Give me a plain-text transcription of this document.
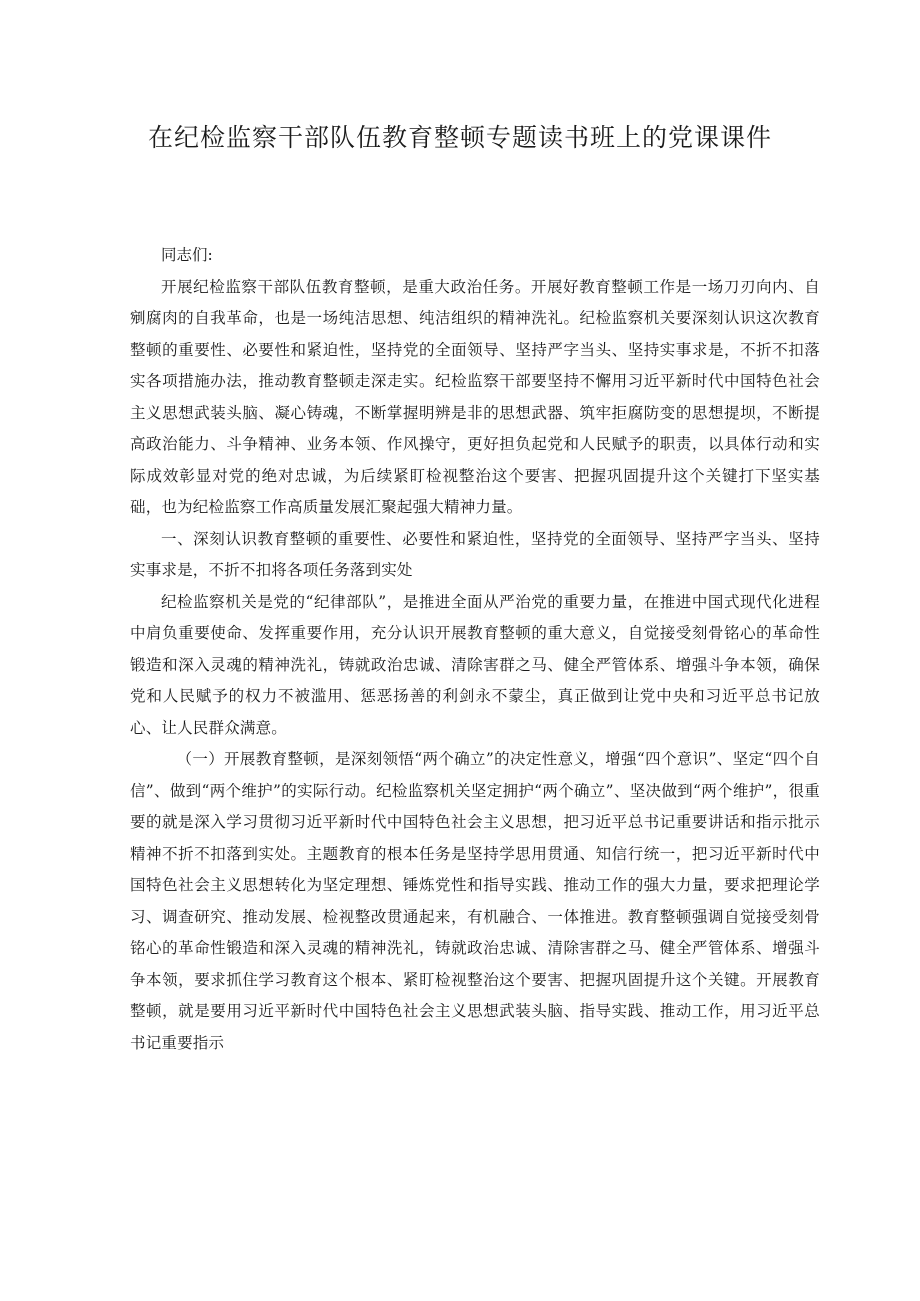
在纪检监察干部队伍教育整顿专题读书班上的党课课件

同志们:

开展纪检监察干部队伍教育整顿，是重大政治任务。开展好教育整顿工作是一场刀刃向内、自剜腐肉的自我革命，也是一场纯洁思想、纯洁组织的精神洗礼。纪检监察机关要深刻认识这次教育整顿的重要性、必要性和紧迫性，坚持党的全面领导、坚持严字当头、坚持实事求是，不折不扣落实各项措施办法，推动教育整顿走深走实。纪检监察干部要坚持不懈用习近平新时代中国特色社会主义思想武装头脑、凝心铸魂，不断掌握明辨是非的思想武器、筑牢拒腐防变的思想提坝，不断提高政治能力、斗争精神、业务本领、作风操守，更好担负起党和人民赋予的职责，以具体行动和实际成效彰显对党的绝对忠诚，为后续紧盯检视整治这个要害、把握巩固提升这个关键打下坚实基础，也为纪检监察工作高质量发展汇聚起强大精神力量。

一、深刻认识教育整顿的重要性、必要性和紧迫性，坚持党的全面领导、坚持严字当头、坚持实事求是，不折不扣将各项任务落到实处

纪检监察机关是党的“纪律部队”，是推进全面从严治党的重要力量，在推进中国式现代化进程中肩负重要使命、发挥重要作用，充分认识开展教育整顿的重大意义，自觉接受刻骨铭心的革命性锻造和深入灵魂的精神洗礼，铸就政治忠诚、清除害群之马、健全严管体系、增强斗争本领，确保党和人民赋予的权力不被滥用、惩恶扬善的利剑永不蒙尘，真正做到让党中央和习近平总书记放心、让人民群众满意。

（一）开展教育整顿，是深刻领悟“两个确立”的决定性意义，增强“四个意识”、坚定“四个自信”、做到“两个维护”的实际行动。纪检监察机关坚定拥护“两个确立”、坚决做到“两个维护”，很重要的就是深入学习贯彻习近平新时代中国特色社会主义思想，把习近平总书记重要讲话和指示批示精神不折不扣落到实处。主题教育的根本任务是坚持学思用贯通、知信行统一，把习近平新时代中国特色社会主义思想转化为坚定理想、锤炼党性和指导实践、推动工作的强大力量，要求把理论学习、调查研究、推动发展、检视整改贯通起来，有机融合、一体推进。教育整顿强调自觉接受刻骨铭心的革命性锻造和深入灵魂的精神洗礼，铸就政治忠诚、清除害群之马、健全严管体系、增强斗争本领，要求抓住学习教育这个根本、紧盯检视整治这个要害、把握巩固提升这个关键。开展教育整顿，就是要用习近平新时代中国特色社会主义思想武装头脑、指导实践、推动工作，用习近平总书记重要指示
